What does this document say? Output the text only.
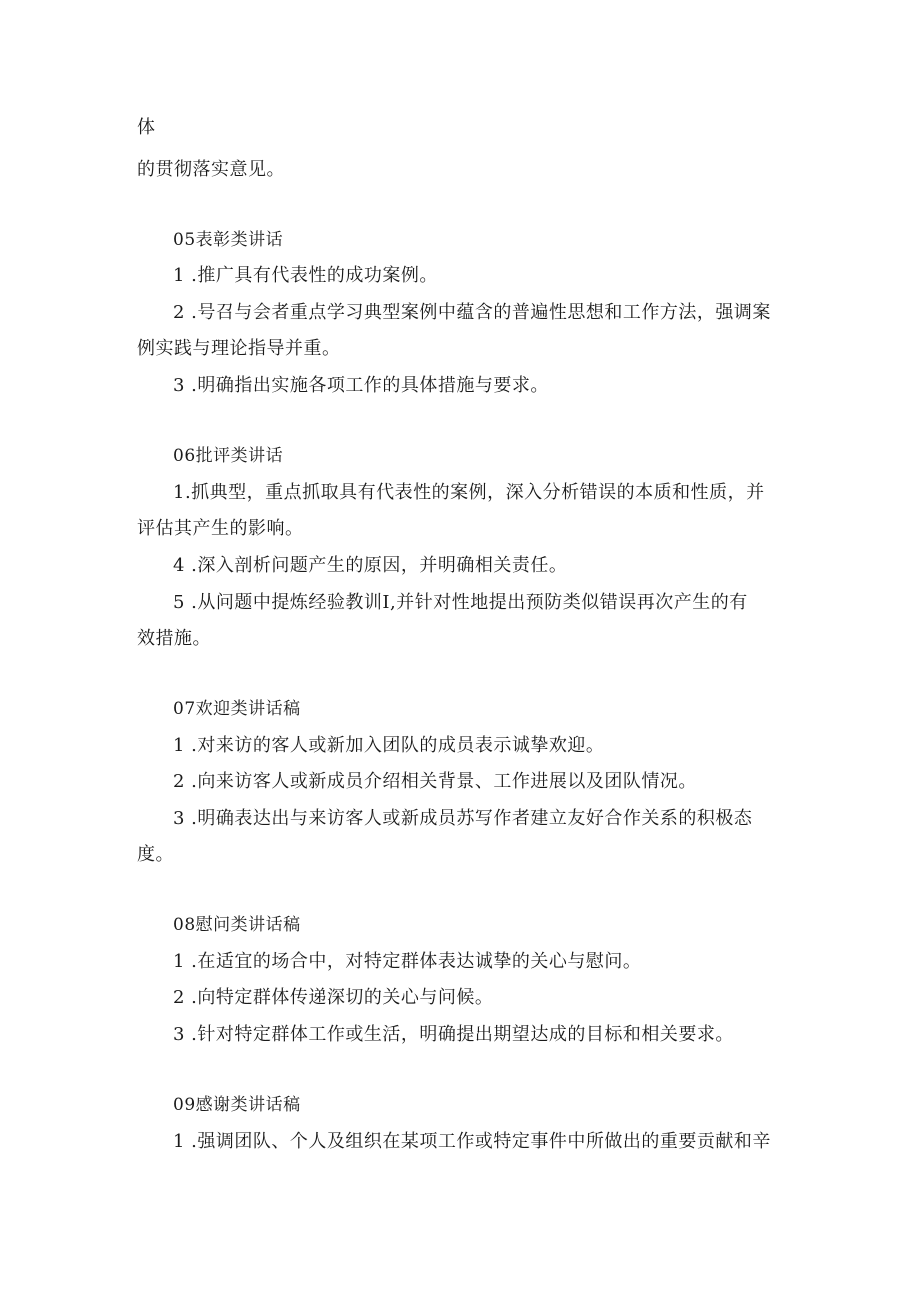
体
的贯彻落实意见。
05表彰类讲话
1 .推广具有代表性的成功案例。
2 .号召与会者重点学习典型案例中蕴含的普遍性思想和工作方法，强调案
例实践与理论指导并重。
3 .明确指出实施各项工作的具体措施与要求。
06批评类讲话
1.抓典型，重点抓取具有代表性的案例，深入分析错误的本质和性质，并
评估其产生的影响。
4 .深入剖析问题产生的原因，并明确相关责任。
5 .从问题中提炼经验教训I,并针对性地提出预防类似错误再次产生的有
效措施。
07欢迎类讲话稿
1 .对来访的客人或新加入团队的成员表示诚挚欢迎。
2 .向来访客人或新成员介绍相关背景、工作进展以及团队情况。
3 .明确表达出与来访客人或新成员苏写作者建立友好合作关系的积极态
度。
08慰问类讲话稿
1 .在适宜的场合中，对特定群体表达诚挚的关心与慰问。
2 .向特定群体传递深切的关心与问候。
3 .针对特定群体工作或生活，明确提出期望达成的目标和相关要求。
09感谢类讲话稿
1 .强调团队、个人及组织在某项工作或特定事件中所做出的重要贡献和辛
